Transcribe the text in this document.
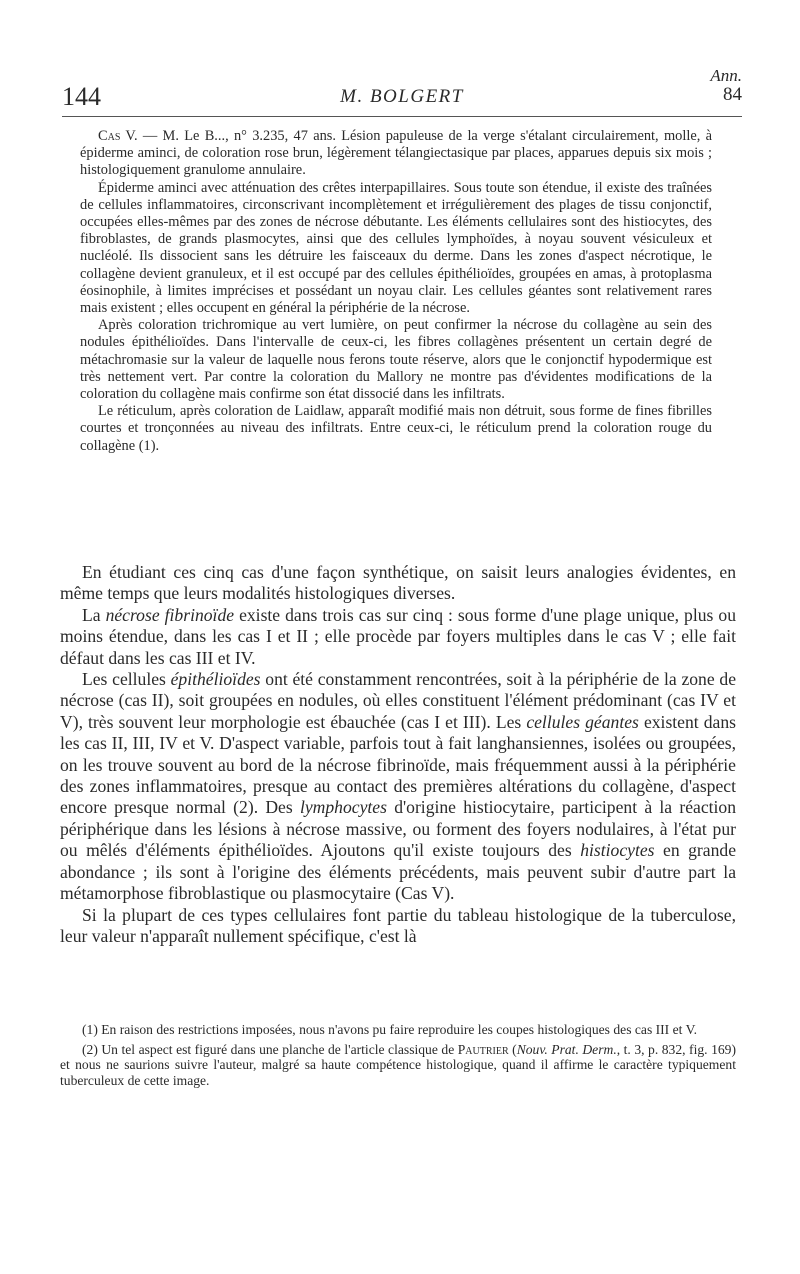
Ann.
144	M. BOLGERT	84

Cas V. — M. Le B..., n° 3.235, 47 ans. Lésion papuleuse de la verge s'étalant circulairement, molle, à épiderme aminci, de coloration rose brun, légèrement télangiectasique par places, apparues depuis six mois ; histologiquement granulome annulaire.

Épiderme aminci avec atténuation des crêtes interpapillaires. Sous toute son étendue, il existe des traînées de cellules inflammatoires, circonscrivant incomplètement et irrégulièrement des plages de tissu conjonctif, occupées elles-mêmes par des zones de nécrose débutante. Les éléments cellulaires sont des histiocytes, des fibroblastes, de grands plasmocytes, ainsi que des cellules lymphoïdes, à noyau souvent vésiculeux et nucléolé. Ils dissocient sans les détruire les faisceaux du derme. Dans les zones d'aspect nécrotique, le collagène devient granuleux, et il est occupé par des cellules épithélioïdes, groupées en amas, à protoplasma éosinophile, à limites imprécises et possédant un noyau clair. Les cellules géantes sont relativement rares mais existent ; elles occupent en général la périphérie de la nécrose.

Après coloration trichromique au vert lumière, on peut confirmer la nécrose du collagène au sein des nodules épithélioïdes. Dans l'intervalle de ceux-ci, les fibres collagènes présentent un certain degré de métachromasie sur la valeur de laquelle nous ferons toute réserve, alors que le conjonctif hypodermique est très nettement vert. Par contre la coloration du Mallory ne montre pas d'évidentes modifications de la coloration du collagène mais confirme son état dissocié dans les infiltrats.

Le réticulum, après coloration de Laidlaw, apparaît modifié mais non détruit, sous forme de fines fibrilles courtes et tronçonnées au niveau des infiltrats. Entre ceux-ci, le réticulum prend la coloration rouge du collagène (1).

En étudiant ces cinq cas d'une façon synthétique, on saisit leurs analogies évidentes, en même temps que leurs modalités histologiques diverses.

La nécrose fibrinoïde existe dans trois cas sur cinq : sous forme d'une plage unique, plus ou moins étendue, dans les cas I et II ; elle procède par foyers multiples dans le cas V ; elle fait défaut dans les cas III et IV.

Les cellules épithélioïdes ont été constamment rencontrées, soit à la périphérie de la zone de nécrose (cas II), soit groupées en nodules, où elles constituent l'élément prédominant (cas IV et V), très souvent leur morphologie est ébauchée (cas I et III). Les cellules géantes existent dans les cas II, III, IV et V. D'aspect variable, parfois tout à fait langhansiennes, isolées ou groupées, on les trouve souvent au bord de la nécrose fibrinoïde, mais fréquemment aussi à la périphérie des zones inflammatoires, presque au contact des premières altérations du collagène, d'aspect encore presque normal (2). Des lymphocytes d'origine histiocytaire, participent à la réaction périphérique dans les lésions à nécrose massive, ou forment des foyers nodulaires, à l'état pur ou mêlés d'éléments épithélioïdes. Ajoutons qu'il existe toujours des histiocytes en grande abondance ; ils sont à l'origine des éléments précédents, mais peuvent subir d'autre part la métamorphose fibroblastique ou plasmocytaire (Cas V).

Si la plupart de ces types cellulaires font partie du tableau histologique de la tuberculose, leur valeur n'apparaît nullement spécifique, c'est là

(1) En raison des restrictions imposées, nous n'avons pu faire reproduire les coupes histologiques des cas III et V.

(2) Un tel aspect est figuré dans une planche de l'article classique de Pautrier (Nouv. Prat. Derm., t. 3, p. 832, fig. 169) et nous ne saurions suivre l'auteur, malgré sa haute compétence histologique, quand il affirme le caractère typiquement tuberculeux de cette image.
